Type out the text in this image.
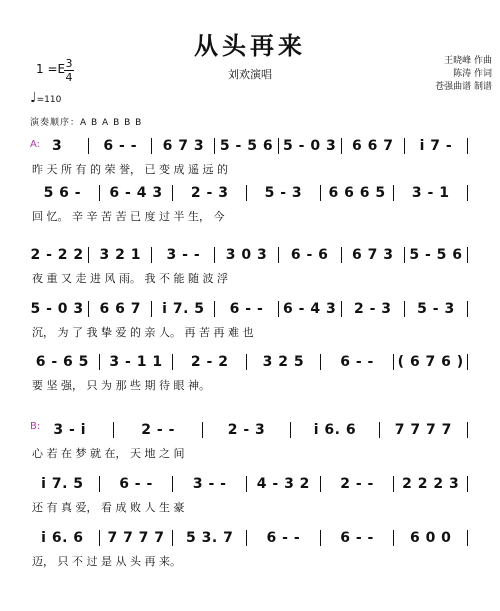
从头再来
刘欢演唱
王晓峰 作曲
陈涛 作词
苍强曲谱 制谱
1 =E 3
4
♩=110
演奏顺序：A B A B B B
A:
B:
3	6 - -	6 7 3	5 - 5 6 5 - 0 3	6 6 7	i 7 -
昨 天 所 有 的 荣 誉， 已 变 成 遥 远 的
5 6 -	6 - 4 3	2 - 3	5 - 3	6 6 6 5	3 - 1
回 忆。 辛 辛 苦 苦 已 度 过 半 生， 今
2 - 2 2	3 2 1	3 - -	3 0 3	6 - 6	6 7 3	5 - 5 6
夜 重 又 走 进 风 雨。 我 不 能 随 波 浮
5 - 0 3	6 6 7	i 7. 5	6 - -	6 - 4 3	2 - 3	5 - 3
沉， 为 了 我 挚 爱 的 亲 人。 再 苦 再 难 也
6 - 6 5	3 - 1 1	2 - 2	3 2 5	6 - -	( 6 7 6 )
要 坚 强， 只 为 那 些 期 待 眼 神。
3 - i	2 - -	2 - 3	i 6. 6	7 7 7 7
心 若 在 梦 就 在， 天 地 之 间
i 7. 5	6 - -	3 - -	4 - 3 2	2 - -	2 2 2 3
还 有 真 爱， 看 成 败 人 生 豪
i 6. 6	7 7 7 7	5 3. 7	6 - -	6 - -	6 0 0
迈， 只 不 过 是 从 头 再 来。
